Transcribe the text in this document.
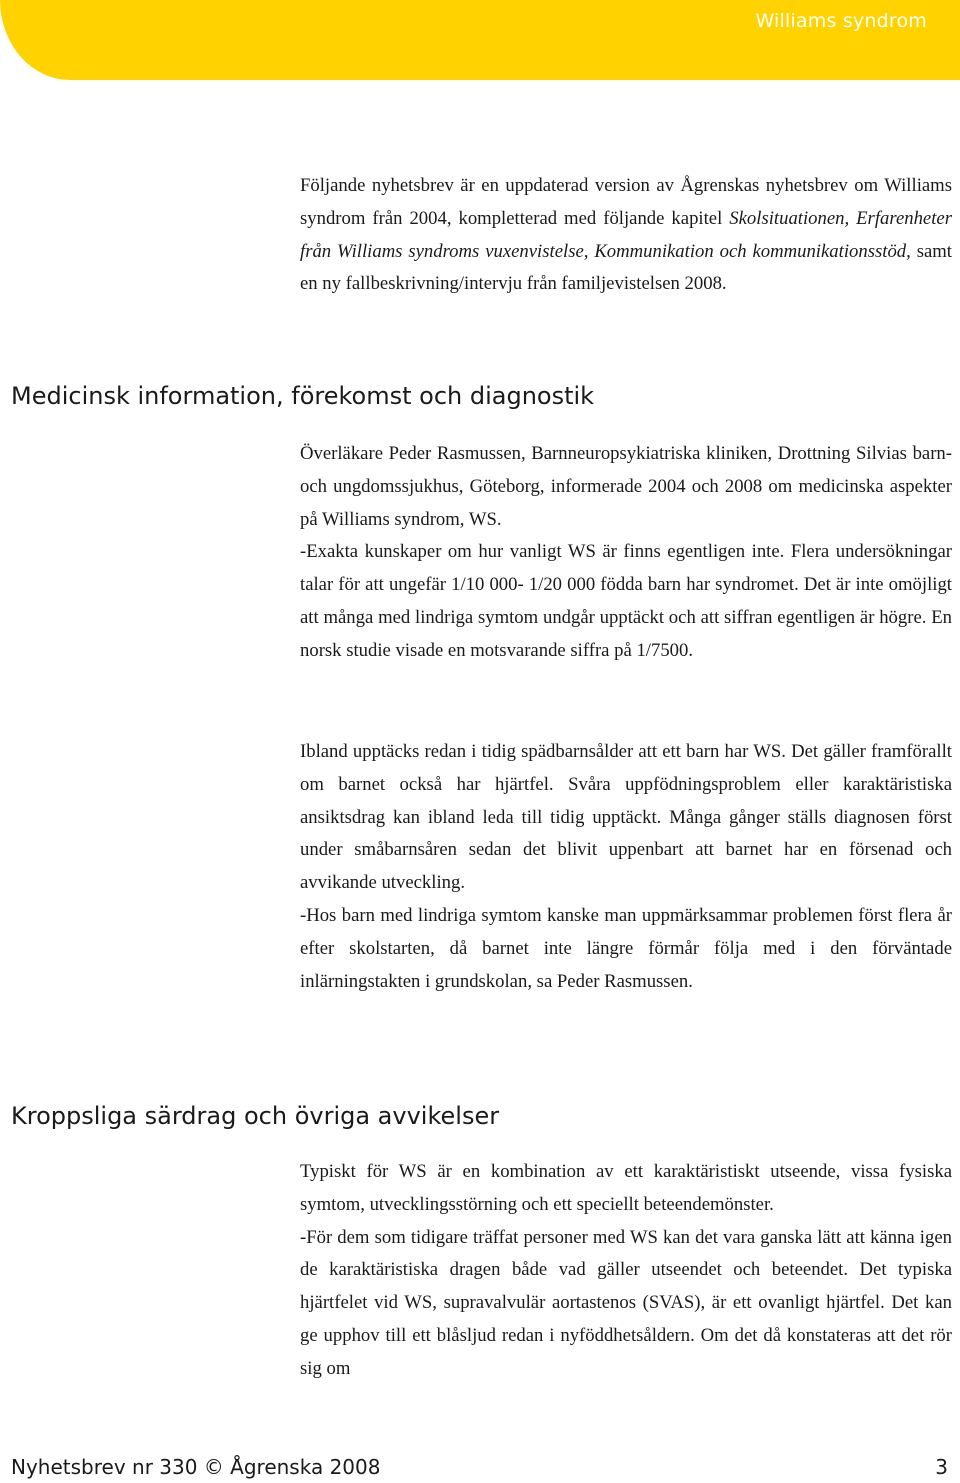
Williams syndrom

Följande nyhetsbrev är en uppdaterad version av Ågrenskas nyhetsbrev om Williams syndrom från 2004, kompletterad med följande kapitel Skolsituationen, Erfarenheter från Williams syndroms vuxenvistelse, Kommunikation och kommunikationsstöd, samt en ny fallbeskrivning/intervju från familjevistelsen 2008.

Medicinsk information, förekomst och diagnostik

Överläkare Peder Rasmussen, Barnneuropsykiatriska kliniken, Drottning Silvias barn- och ungdomssjukhus, Göteborg, informerade 2004 och 2008 om medicinska aspekter på Williams syndrom, WS.

-Exakta kunskaper om hur vanligt WS är finns egentligen inte. Flera undersökningar talar för att ungefär 1/10 000- 1/20 000 födda barn har syndromet. Det är inte omöjligt att många med lindriga symtom undgår upptäckt och att siffran egentligen är högre. En norsk studie visade en motsvarande siffra på 1/7500.

Ibland upptäcks redan i tidig spädbarnsålder att ett barn har WS. Det gäller framförallt om barnet också har hjärtfel. Svåra uppfödningsproblem eller karaktäristiska ansiktsdrag kan ibland leda till tidig upptäckt. Många gånger ställs diagnosen först under småbarnsåren sedan det blivit uppenbart att barnet har en försenad och avvikande utveckling.

-Hos barn med lindriga symtom kanske man uppmärksammar problemen först flera år efter skolstarten, då barnet inte längre förmår följa med i den förväntade inlärningstakten i grundskolan, sa Peder Rasmussen.

Kroppsliga särdrag och övriga avvikelser

Typiskt för WS är en kombination av ett karaktäristiskt utseende, vissa fysiska symtom, utvecklingsstörning och ett speciellt beteendemönster.

-För dem som tidigare träffat personer med WS kan det vara ganska lätt att känna igen de karaktäristiska dragen både vad gäller utseendet och beteendet. Det typiska hjärtfelet vid WS, supravalvulär aortastenos (SVAS), är ett ovanligt hjärtfel. Det kan ge upphov till ett blåsljud redan i nyföddhetsåldern. Om det då konstateras att det rör sig om

Nyhetsbrev nr 330 © Ågrenska 2008	3
